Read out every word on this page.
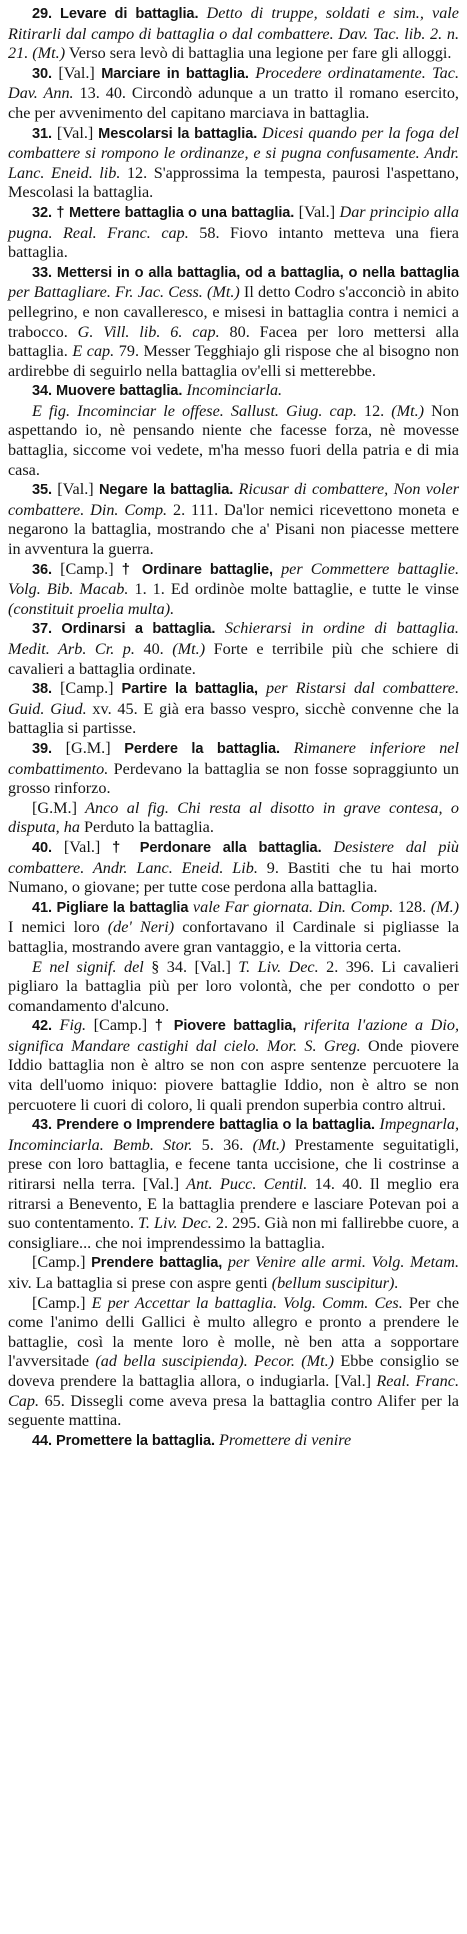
29. Levare di battaglia. Detto di truppe, soldati e sim., vale Ritirarli dal campo di battaglia o dal combattere. Dav. Tac. lib. 2. n. 21. (Mt.) Verso sera levò di battaglia una legione per fare gli alloggi.

30. [Val.] Marciare in battaglia. Procedere ordinatamente. Tac. Dav. Ann. 13. 40. Circondò adunque a un tratto il romano esercito, che per avvenimento del capitano marciava in battaglia.

31. [Val.] Mescolarsi la battaglia. Dicesi quando per la foga del combattere si rompono le ordinanze, e si pugna confusamente. Andr. Lanc. Eneid. lib. 12. S'approssima la tempesta, paurosi l'aspettano, Mescolasi la battaglia.

32. † Mettere battaglia o una battaglia. [Val.] Dar principio alla pugna. Real. Franc. cap. 58. Fiovo intanto metteva una fiera battaglia.

33. Mettersi in o alla battaglia, od a battaglia, o nella battaglia per Battagliare. Fr. Jac. Cess. (Mt.) Il detto Codro s'acconciò in abito pellegrino, e non cavalleresco, e misesi in battaglia contra i nemici a trabocco. G. Vill. lib. 6. cap. 80. Facea per loro mettersi alla battaglia. E cap. 79. Messer Tegghiajo gli rispose che al bisogno non ardirebbe di seguirlo nella battaglia ov'elli si metterebbe.

34. Muovere battaglia. Incominciarla.
E fig. Incominciar le offese. Sallust. Giug. cap. 12. (Mt.) Non aspettando io, nè pensando niente che facesse forza, nè movesse battaglia, siccome voi vedete, m'ha messo fuori della patria e di mia casa.

35. [Val.] Negare la battaglia. Ricusar di combattere, Non voler combattere. Din. Comp. 2. 111. Da'lor nemici ricevettono moneta e negarono la battaglia, mostrando che a' Pisani non piacesse mettere in avventura la guerra.

36. [Camp.] † Ordinare battaglie, per Commettere battaglie. Volg. Bib. Macab. 1. 1. Ed ordinòe molte battaglie, e tutte le vinse (constituit proelia multa).

37. Ordinarsi a battaglia. Schierarsi in ordine di battaglia. Medit. Arb. Cr. p. 40. (Mt.) Forte e terribile più che schiere di cavalieri a battaglia ordinate.

38. [Camp.] Partire la battaglia, per Ristarsi dal combattere. Guid. Giud. xv. 45. E già era basso vespro, sicchè convenne che la battaglia si partisse.

39. [G.M.] Perdere la battaglia. Rimanere inferiore nel combattimento. Perdevano la battaglia se non fosse sopraggiunto un grosso rinforzo.
[G.M.] Anco al fig. Chi resta al disotto in grave contesa, o disputa, ha Perduto la battaglia.

40. [Val.] † Perdonare alla battaglia. Desistere dal più combattere. Andr. Lanc. Eneid. Lib. 9. Bastiti che tu hai morto Numano, o giovane; per tutte cose perdona alla battaglia.

41. Pigliare la battaglia vale Far giornata. Din. Comp. 128. (M.) I nemici loro (de' Neri) confortavano il Cardinale si pigliasse la battaglia, mostrando avere gran vantaggio, e la vittoria certa.
E nel signif. del § 34. [Val.] T. Liv. Dec. 2. 396. Li cavalieri pigliaro la battaglia più per loro volontà, che per condotto o per comandamento d'alcuno.

42. Fig. [Camp.] † Piovere battaglia, riferita l'azione a Dio, significa Mandare castighi dal cielo. Mor. S. Greg. Onde piovere Iddio battaglia non è altro se non con aspre sentenze percuotere la vita dell'uomo iniquo: piovere battaglie Iddio, non è altro se non percuotere li cuori di coloro, li quali prendon superbia contro altrui.

43. Prendere o Imprendere battaglia o la battaglia. Impegnarla, Incominciarla. Bemb. Stor. 5. 36. (Mt.) Prestamente seguitatigli, prese con loro battaglia, e fecene tanta uccisione, che li costrinse a ritirarsi nella terra. [Val.] Ant. Pucc. Centil. 14. 40. Il meglio era ritrarsi a Benevento, E la battaglia prendere e lasciare Potevan poi a suo contentamento. T. Liv. Dec. 2. 295. Già non mi fallirebbe cuore, a consigliare... che noi imprendessimo la battaglia.
[Camp.] Prendere battaglia, per Venire alle armi. Volg. Metam. xiv. La battaglia si prese con aspre genti (bellum suscipitur).
[Camp.] E per Accettar la battaglia. Volg. Comm. Ces. Per che come l'animo delli Gallici è multo allegro e pronto a prendere le battaglie, così la mente loro è molle, nè ben atta a sopportare l'avversitade (ad bella suscipienda). Pecor. (Mt.) Ebbe consiglio se doveva prendere la battaglia allora, o indugiarla. [Val.] Real. Franc. Cap. 65. Dissegli come aveva presa la battaglia contro Alifer per la seguente mattina.

44. Promettere la battaglia. Promettere di venire
